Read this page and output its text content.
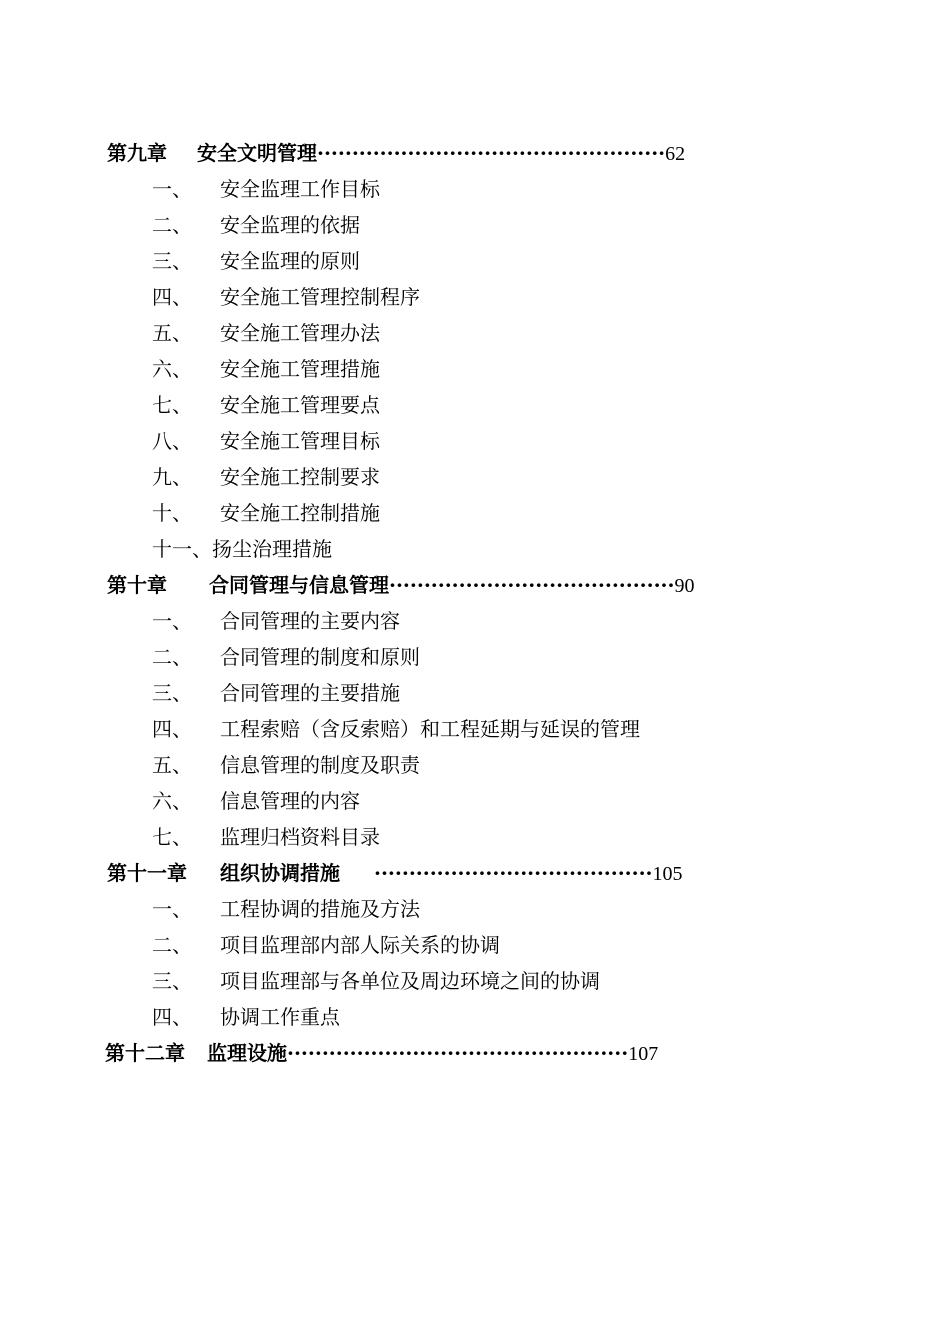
第九章 安全文明管理··················································62
一、 安全监理工作目标
二、 安全监理的依据
三、 安全监理的原则
四、 安全施工管理控制程序
五、 安全施工管理办法
六、 安全施工管理措施
七、 安全施工管理要点
八、 安全施工管理目标
九、 安全施工控制要求
十、 安全施工控制措施
十一、扬尘治理措施
第十章 合同管理与信息管理·········································90
一、 合同管理的主要内容
二、 合同管理的制度和原则
三、 合同管理的主要措施
四、 工程索赔（含反索赔）和工程延期与延误的管理
五、 信息管理的制度及职责
六、 信息管理的内容
七、 监理归档资料目录
第十一章 组织协调措施 ········································105
一、 工程协调的措施及方法
二、 项目监理部内部人际关系的协调
三、 项目监理部与各单位及周边环境之间的协调
四、 协调工作重点
第十二章 监理设施·················································107
